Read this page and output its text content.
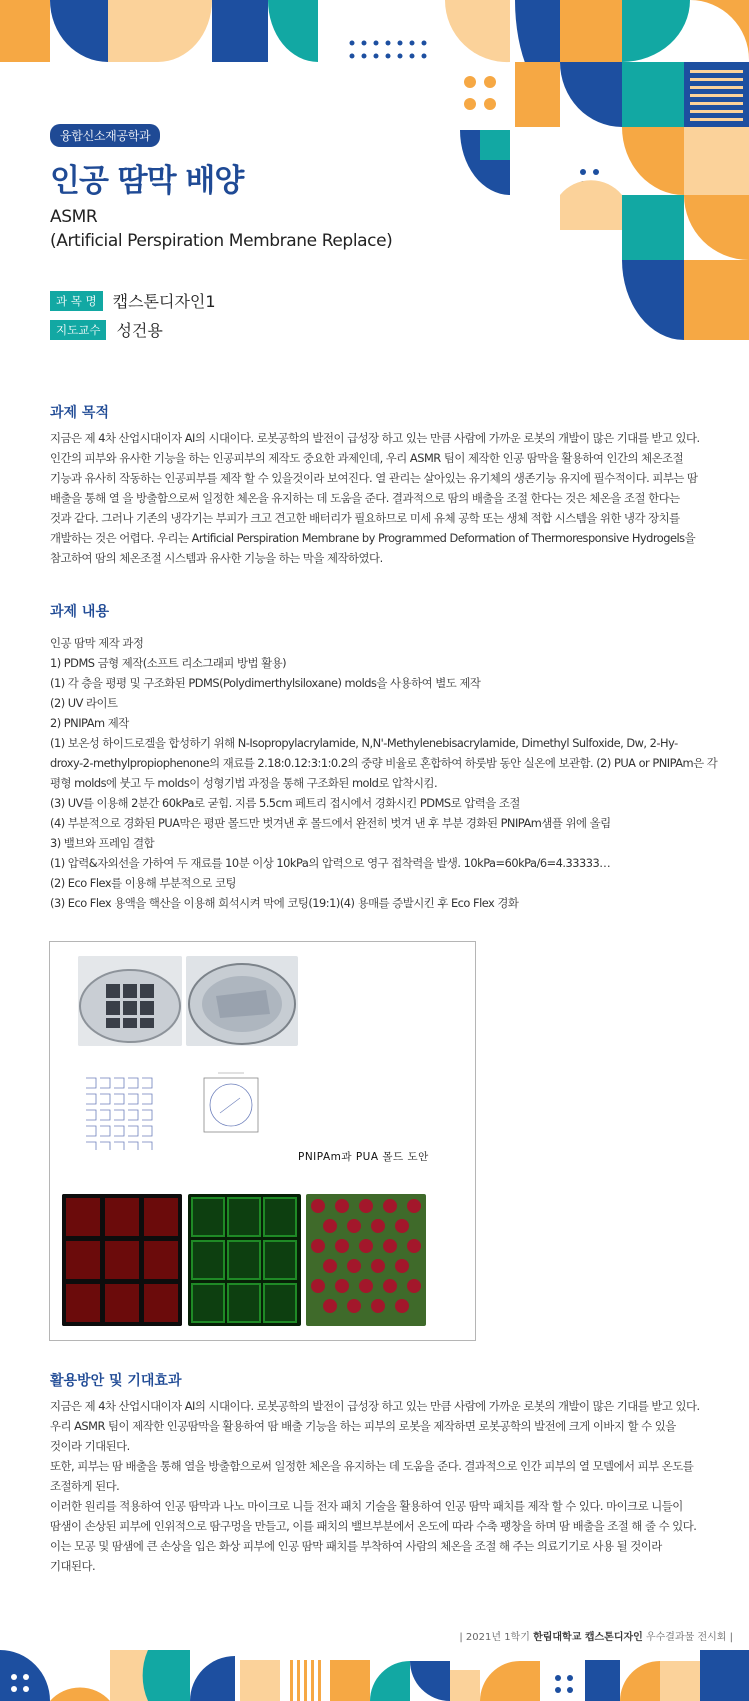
융합신소재공학과
인공 땀막 배양
ASMR
(Artificial Perspiration Membrane Replace)
과 목 명	캡스톤디자인1
지도교수	성건용
과제 목적
지금은 제 4차 산업시대이자 AI의 시대이다. 로봇공학의 발전이 급성장 하고 있는 만큼 사람에 가까운 로봇의 개발이 많은 기대를 받고 있다.
인간의 피부와 유사한 기능을 하는 인공피부의 제작도 중요한 과제인데, 우리 ASMR 팀이 제작한 인공 땀막을 활용하여 인간의 체온조절
기능과 유사히 작동하는 인공피부를 제작 할 수 있을것이라 보여진다. 열 관리는 살아있는 유기체의 생존기능 유지에 필수적이다. 피부는 땀
배출을 통해 열 을 방출함으로써 일정한 체온을 유지하는 데 도움을 준다. 결과적으로 땀의 배출을 조절 한다는 것은 체온을 조절 한다는
것과 같다. 그러나 기존의 냉각기는 부피가 크고 견고한 배터리가 필요하므로 미세 유체 공학 또는 생체 적합 시스템을 위한 냉각 장치를
개발하는 것은 어렵다. 우리는 Artificial Perspiration Membrane by Programmed Deformation of Thermoresponsive Hydrogels을
참고하여 땀의 체온조절 시스템과 유사한 기능을 하는 막을 제작하였다.
과제 내용
인공 땀막 제작 과정
1) PDMS 금형 제작(소프트 리소그래피 방법 활용)
(1) 각 층을 평평 및 구조화된 PDMS(Polydimerthylsiloxane) molds을 사용하여 별도 제작
(2) UV 라이트
2) PNIPAm 제작
(1) 보온성 하이드로겔을 합성하기 위해 N-Isopropylacrylamide, N,N'-Methylenebisacrylamide, Dimethyl Sulfoxide, Dw, 2-Hy-
droxy-2-methylpropiophenone의 재료를 2.18:0.12:3:1:0.2의 중량 비율로 혼합하여 하룻밤 동안 실온에 보관함. (2) PUA or PNIPAm은 각
평형 molds에 붓고 두 molds이 성형기법 과정을 통해 구조화된 mold로 압착시킴.
(3) UV를 이용해 2분간 60kPa로 굳힘. 지름 5.5cm 페트리 접시에서 경화시킨 PDMS로 압력을 조절
(4) 부분적으로 경화된 PUA막은 평판 몰드만 벗겨낸 후 몰드에서 완전히 벗겨 낸 후 부분 경화된 PNIPAm샘플 위에 올림
3) 밸브와 프레임 결합
(1) 압력&자외선을 가하여 두 재료를 10분 이상 10kPa의 압력으로 영구 접착력을 발생. 10kPa=60kPa/6=4.33333…
(2) Eco Flex를 이용해 부분적으로 코팅
(3) Eco Flex 용액을 핵산을 이용해 희석시켜 막에 코팅(19:1)(4) 용매를 증발시킨 후 Eco Flex 경화
PNIPAm과 PUA 몰드 도안
활용방안 및 기대효과
지금은 제 4차 산업시대이자 AI의 시대이다. 로봇공학의 발전이 급성장 하고 있는 만큼 사람에 가까운 로봇의 개발이 많은 기대를 받고 있다.
우리 ASMR 팀이 제작한 인공땀막을 활용하여 땀 배출 기능을 하는 피부의 로봇을 제작하면 로봇공학의 발전에 크게 이바지 할 수 있을
것이라 기대된다.
또한, 피부는 땀 배출을 통해 열을 방출함으로써 일정한 체온을 유지하는 데 도움을 준다. 결과적으로 인간 피부의 열 모델에서 피부 온도를
조절하게 된다.
이러한 원리를 적용하여 인공 땀막과 나노 마이크로 니들 전자 패치 기술을 활용하여 인공 땀막 패치를 제작 할 수 있다. 마이크로 니들이
땀샘이 손상된 피부에 인위적으로 땀구멍을 만들고, 이를 패치의 밸브부분에서 온도에 따라 수축 팽창을 하며 땀 배출을 조절 해 줄 수 있다.
이는 모공 및 땀샘에 큰 손상을 입은 화상 피부에 인공 땀막 패치를 부착하여 사람의 체온을 조절 해 주는 의료기기로 사용 될 것이라
기대된다.
| 2021년 1학기 한림대학교 캡스톤디자인 우수결과물 전시회 |
